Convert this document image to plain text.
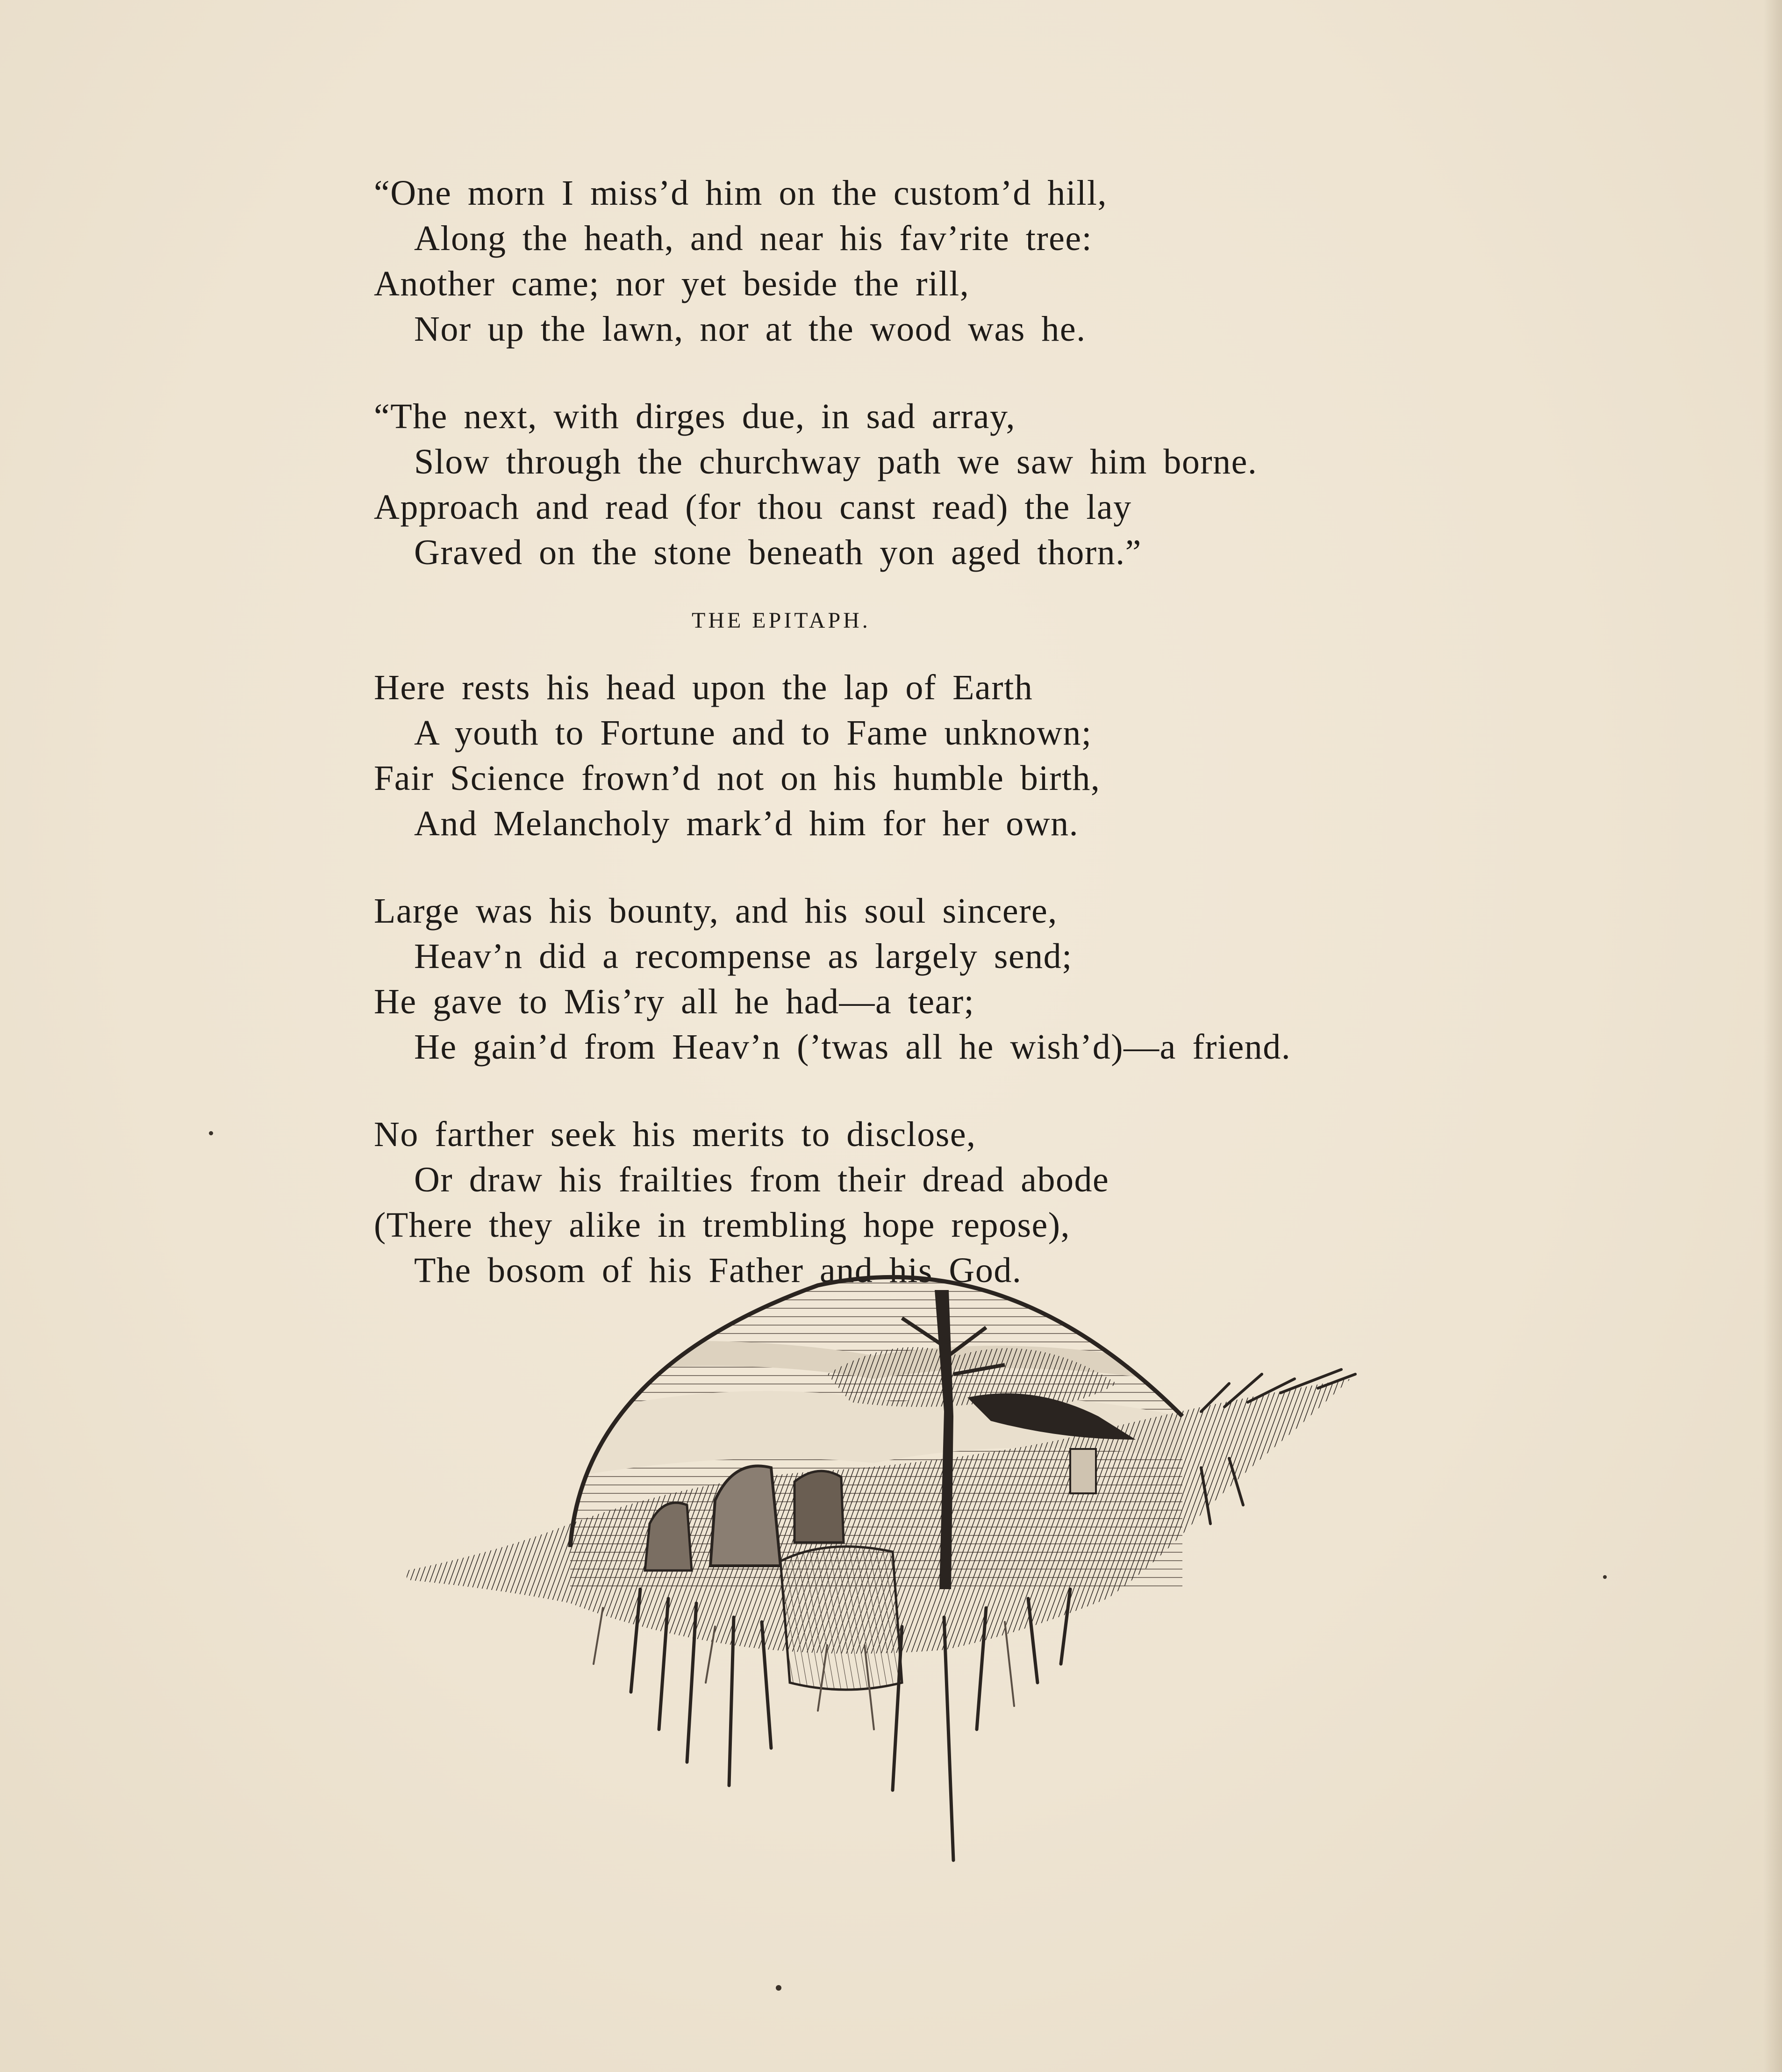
“One morn I miss’d him on the custom’d hill,
Along the heath, and near his fav’rite tree:
Another came; nor yet beside the rill,
Nor up the lawn, nor at the wood was he.
“The next, with dirges due, in sad array,
Slow through the churchway path we saw him borne.
Approach and read (for thou canst read) the lay
Graved on the stone beneath yon aged thorn.”
THE EPITAPH.
Here rests his head upon the lap of Earth
A youth to Fortune and to Fame unknown;
Fair Science frown’d not on his humble birth,
And Melancholy mark’d him for her own.
Large was his bounty, and his soul sincere,
Heav’n did a recompense as largely send;
He gave to Mis’ry all he had—a tear;
He gain’d from Heav’n (’twas all he wish’d)—a friend.
No farther seek his merits to disclose,
Or draw his frailties from their dread abode
(There they alike in trembling hope repose),
The bosom of his Father and his God.
